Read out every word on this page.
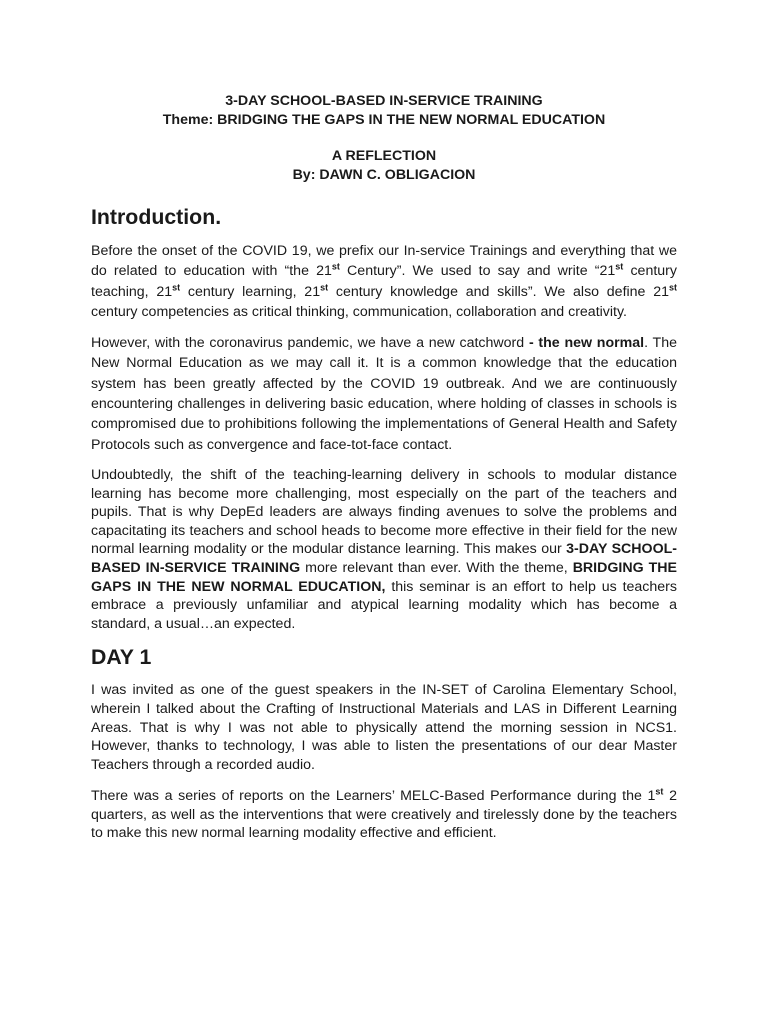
3-DAY SCHOOL-BASED IN-SERVICE TRAINING
Theme: BRIDGING THE GAPS IN THE NEW NORMAL EDUCATION
A REFLECTION
By: DAWN C. OBLIGACION
Introduction.

Before the onset of the COVID 19, we prefix our In-service Trainings and everything that we do related to education with “the 21st Century”. We used to say and write “21st century teaching, 21st century learning, 21st century knowledge and skills”. We also define 21st century competencies as critical thinking, communication, collaboration and creativity.

However, with the coronavirus pandemic, we have a new catchword - the new normal. The New Normal Education as we may call it. It is a common knowledge that the education system has been greatly affected by the COVID 19 outbreak. And we are continuously encountering challenges in delivering basic education, where holding of classes in schools is compromised due to prohibitions following the implementations of General Health and Safety Protocols such as convergence and face-tot-face contact.

Undoubtedly, the shift of the teaching-learning delivery in schools to modular distance learning has become more challenging, most especially on the part of the teachers and pupils. That is why DepEd leaders are always finding avenues to solve the problems and capacitating its teachers and school heads to become more effective in their field for the new normal learning modality or the modular distance learning. This makes our 3-DAY SCHOOL-BASED IN-SERVICE TRAINING more relevant than ever. With the theme, BRIDGING THE GAPS IN THE NEW NORMAL EDUCATION, this seminar is an effort to help us teachers embrace a previously unfamiliar and atypical learning modality which has become a standard, a usual…an expected.

DAY 1

I was invited as one of the guest speakers in the IN-SET of Carolina Elementary School, wherein I talked about the Crafting of Instructional Materials and LAS in Different Learning Areas. That is why I was not able to physically attend the morning session in NCS1. However, thanks to technology, I was able to listen the presentations of our dear Master Teachers through a recorded audio.

There was a series of reports on the Learners’ MELC-Based Performance during the 1st 2 quarters, as well as the interventions that were creatively and tirelessly done by the teachers to make this new normal learning modality effective and efficient.
